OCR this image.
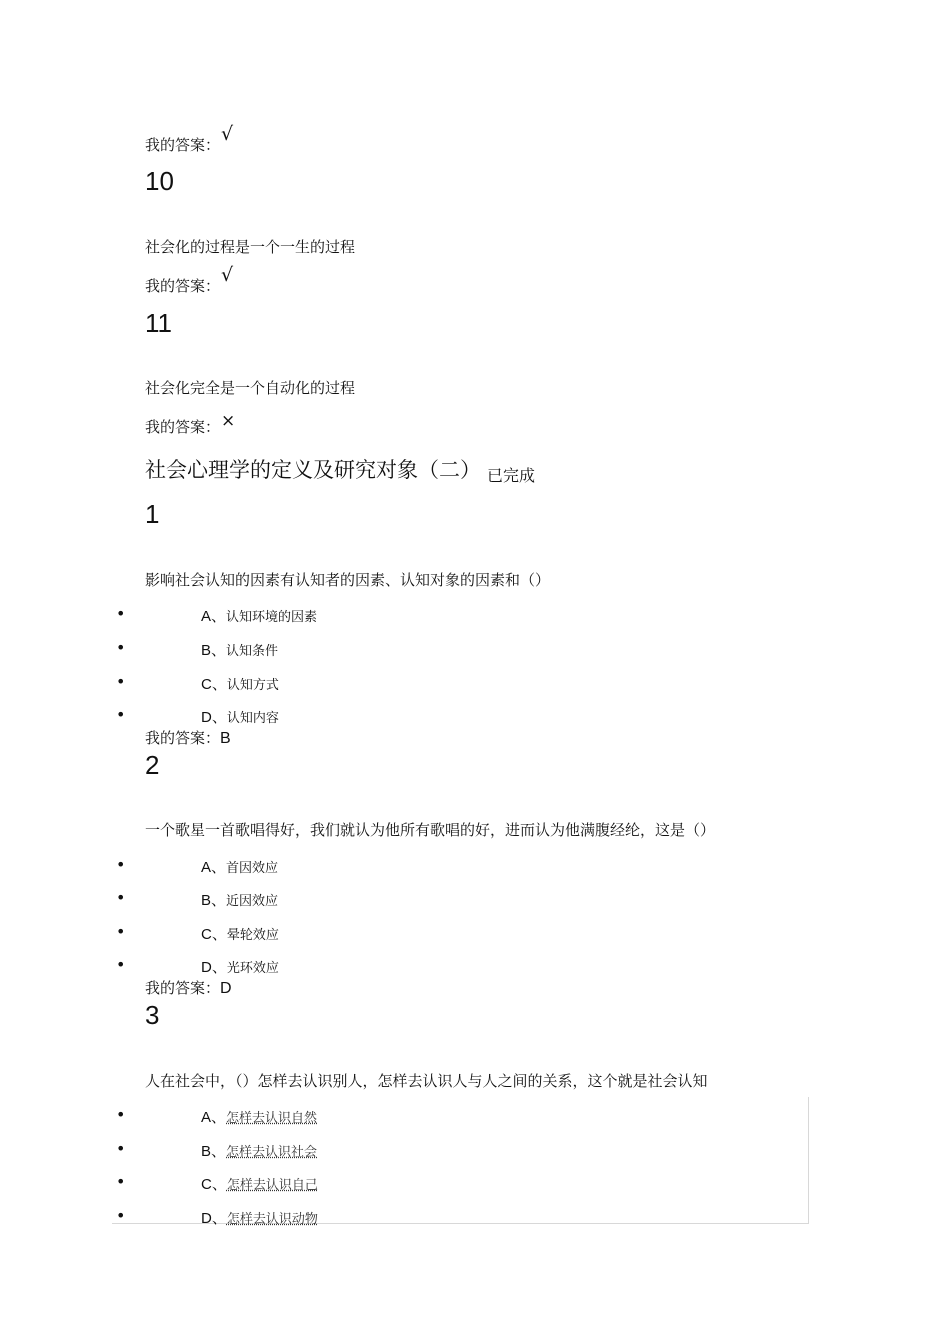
我的答案：√
10
社会化的过程是一个一生的过程
我的答案：√
11
社会化完全是一个自动化的过程
我的答案：×
社会心理学的定义及研究对象（二） 已完成
1
影响社会认知的因素有认知者的因素、认知对象的因素和（）
•	A、认知环境的因素
•	B、认知条件
•	C、认知方式
•	D、认知内容
我的答案：B
2
一个歌星一首歌唱得好，我们就认为他所有歌唱的好，进而认为他满腹经纶，这是（）
•	A、首因效应
•	B、近因效应
•	C、晕轮效应
•	D、光环效应
我的答案：D
3
人在社会中，（）怎样去认识别人，怎样去认识人与人之间的关系，这个就是社会认知
•	A、怎样去认识自然
•	B、怎样去认识社会
•	C、怎样去认识自己
•	D、怎样去认识动物
